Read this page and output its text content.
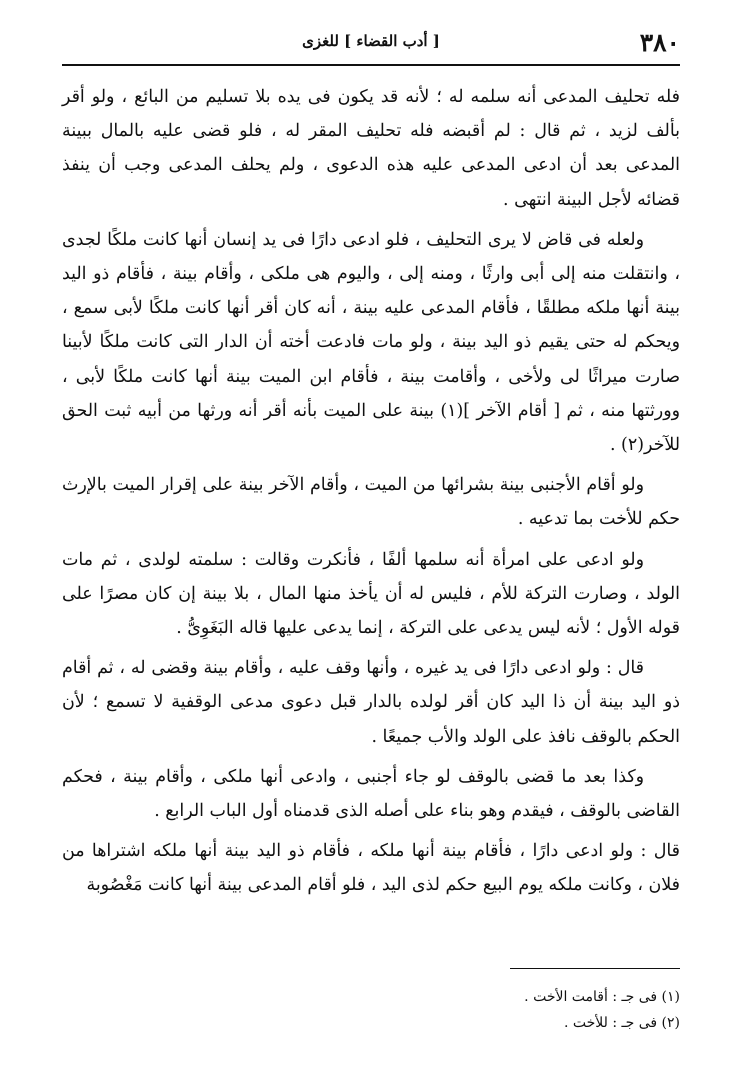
٣٨٠
[ أدب القضاء ] للغزى

فله تحليف المدعى أنه سلمه له ؛ لأنه قد يكون فى يده بلا تسليم من البائع ، ولو أقر بألف لزيد ، ثم قال : لم أقبضه فله تحليف المقر له ، فلو قضى عليه بالمال ببينة المدعى بعد أن ادعى المدعى عليه هذه الدعوى ، ولم يحلف المدعى وجب أن ينفذ قضائه لأجل البينة انتهى .

ولعله فى قاض لا يرى التحليف ، فلو ادعى دارًا فى يد إنسان أنها كانت ملكًا لجدى ، وانتقلت منه إلى أبى وارثًا ، ومنه إلى ، واليوم هى ملكى ، وأقام بينة ، فأقام ذو اليد بينة أنها ملكه مطلقًا ، فأقام المدعى عليه بينة ، أنه كان أقر أنها كانت ملكًا لأبى سمع ، ويحكم له حتى يقيم ذو اليد بينة ، ولو مات فادعت أخته أن الدار التى كانت ملكًا لأبينا صارت ميراثًا لى ولأخى ، وأقامت بينة ، فأقام ابن الميت بينة أنها كانت ملكًا لأبى ، وورثتها منه ، ثم [ أقام الآخر ](١) بينة على الميت بأنه أقر أنه ورثها من أبيه ثبت الحق للآخر(٢) .

ولو أقام الأجنبى بينة بشرائها من الميت ، وأقام الآخر بينة على إقرار الميت بالإرث حكم للأخت بما تدعيه .

ولو ادعى على امرأة أنه سلمها ألفًا ، فأنكرت وقالت : سلمته لولدى ، ثم مات الولد ، وصارت التركة للأم ، فليس له أن يأخذ منها المال ، بلا بينة إن كان مصرًا على قوله الأول ؛ لأنه ليس يدعى على التركة ، إنما يدعى عليها قاله البَغَوِىُّ .

قال : ولو ادعى دارًا فى يد غيره ، وأنها وقف عليه ، وأقام بينة وقضى له ، ثم أقام ذو اليد بينة أن ذا اليد كان أقر لولده بالدار قبل دعوى مدعى الوقفية لا تسمع ؛ لأن الحكم بالوقف نافذ على الولد والأب جميعًا .

وكذا بعد ما قضى بالوقف لو جاء أجنبى ، وادعى أنها ملكى ، وأقام بينة ، فحكم القاضى بالوقف ، فيقدم وهو بناء على أصله الذى قدمناه أول الباب الرابع .

قال : ولو ادعى دارًا ، فأقام بينة أنها ملكه ، فأقام ذو اليد بينة أنها ملكه اشتراها من فلان ، وكانت ملكه يوم البيع حكم لذى اليد ، فلو أقام المدعى بينة أنها كانت مَغْصُوبة

(١) فى جـ : أقامت الأخت .
(٢) فى جـ : للأخت .
